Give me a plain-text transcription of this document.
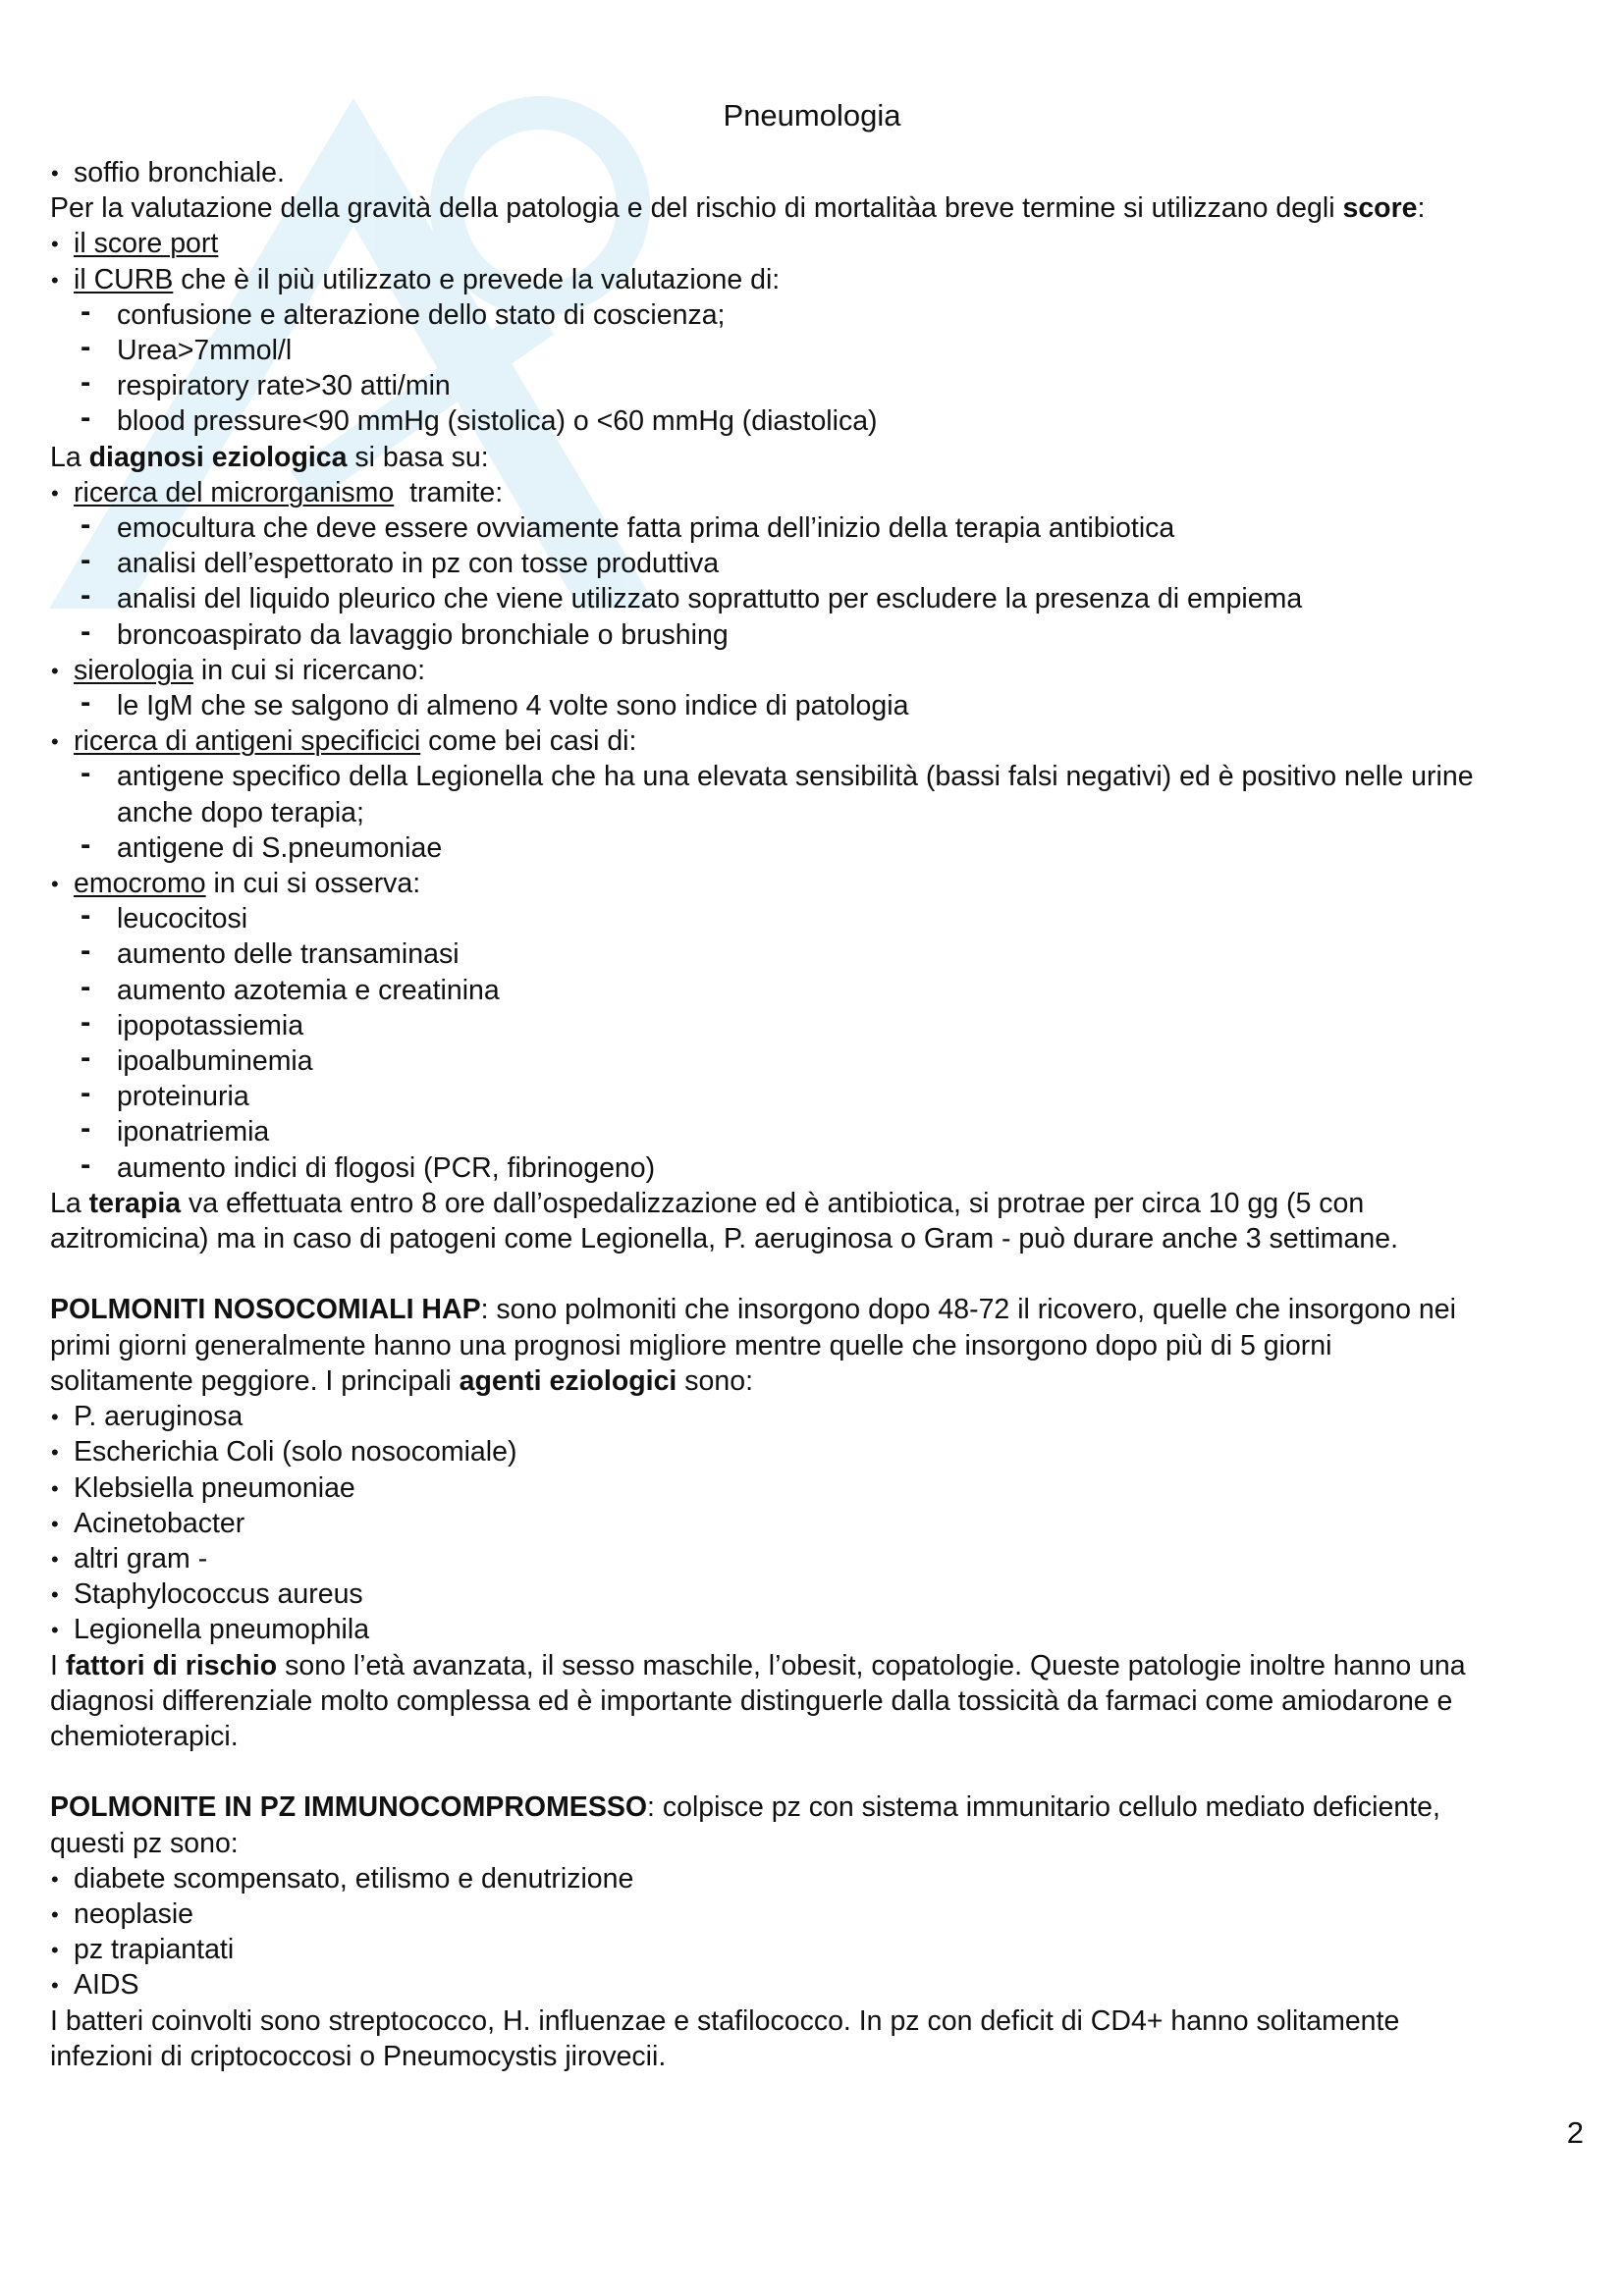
Pneumologia
• soffio bronchiale.
Per la valutazione della gravità della patologia e del rischio di mortalitàa breve termine si utilizzano degli score:
• il score port
• il CURB che è il più utilizzato e prevede la valutazione di:
- confusione e alterazione dello stato di coscienza;
- Urea>7mmol/l
- respiratory rate>30 atti/min
- blood pressure<90 mmHg (sistolica) o <60 mmHg (diastolica)
La diagnosi eziologica si basa su:
• ricerca del microrganismo  tramite:
- emocultura che deve essere ovviamente fatta prima dell’inizio della terapia antibiotica
- analisi dell’espettorato in pz con tosse produttiva
- analisi del liquido pleurico che viene utilizzato soprattutto per escludere la presenza di empiema
- broncoaspirato da lavaggio bronchiale o brushing
• sierologia in cui si ricercano:
- le IgM che se salgono di almeno 4 volte sono indice di patologia
• ricerca di antigeni specificici come bei casi di:
- antigene specifico della Legionella che ha una elevata sensibilità (bassi falsi negativi) ed è positivo nelle urine
anche dopo terapia;
- antigene di S.pneumoniae
• emocromo in cui si osserva:
- leucocitosi
- aumento delle transaminasi
- aumento azotemia e creatinina
- ipopotassiemia
- ipoalbuminemia
- proteinuria
- iponatriemia
- aumento indici di flogosi (PCR, fibrinogeno)
La terapia va effettuata entro 8 ore dall’ospedalizzazione ed è antibiotica, si protrae per circa 10 gg (5 con
azitromicina) ma in caso di patogeni come Legionella, P. aeruginosa o Gram - può durare anche 3 settimane.
POLMONITI NOSOCOMIALI HAP: sono polmoniti che insorgono dopo 48-72 il ricovero, quelle che insorgono nei
primi giorni generalmente hanno una prognosi migliore mentre quelle che insorgono dopo più di 5 giorni
solitamente peggiore. I principali agenti eziologici sono:
• P. aeruginosa
• Escherichia Coli (solo nosocomiale)
• Klebsiella pneumoniae
• Acinetobacter
• altri gram -
• Staphylococcus aureus
• Legionella pneumophila
I fattori di rischio sono l’età avanzata, il sesso maschile, l’obesit, copatologie. Queste patologie inoltre hanno una
diagnosi differenziale molto complessa ed è importante distinguerle dalla tossicità da farmaci come amiodarone e
chemioterapici.
POLMONITE IN PZ IMMUNOCOMPROMESSO: colpisce pz con sistema immunitario cellulo mediato deficiente,
questi pz sono:
• diabete scompensato, etilismo e denutrizione
• neoplasie
• pz trapiantati
• AIDS
I batteri coinvolti sono streptococco, H. influenzae e stafilococco. In pz con deficit di CD4+ hanno solitamente
infezioni di criptococcosi o Pneumocystis jirovecii.
2
